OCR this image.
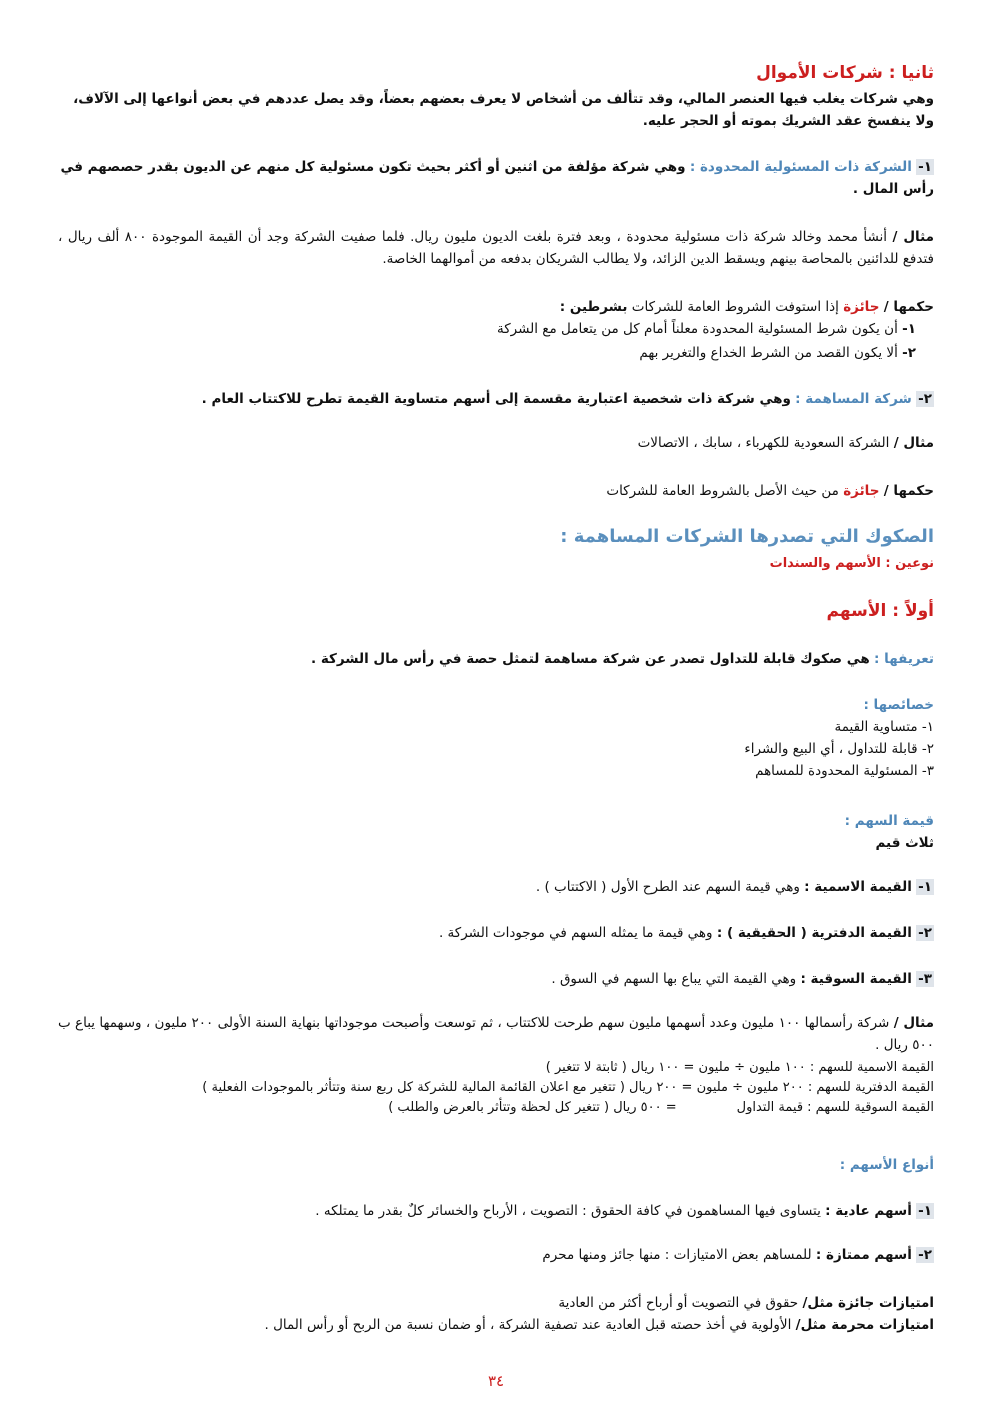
ثانيا : شركات الأموال
وهي شركات يغلب فيها العنصر المالي، وقد تتألف من أشخاص لا يعرف بعضهم بعضاً، وقد يصل عددهم في بعض أنواعها إلى الآلاف،
ولا ينفسخ عقد الشريك بموته أو الحجر عليه.
١- الشركة ذات المسئولية المحدودة : وهي شركة مؤلفة من اثنين أو أكثر بحيث تكون مسئولية كل منهم عن الديون بقدر حصصهم في رأس المال .
مثال / أنشأ محمد وخالد شركة ذات مسئولية محدودة ، وبعد فترة بلغت الديون مليون ريال. فلما صفيت الشركة وجد أن القيمة الموجودة ٨٠٠ ألف ريال ، فتدفع للدائنين بالمحاصة بينهم ويسقط الدين الزائد، ولا يطالب الشريكان بدفعه من أموالهما الخاصة.
حكمها / جائزة إذا استوفت الشروط العامة للشركات بشرطين :
١- أن يكون شرط المسئولية المحدودة معلناً أمام كل من يتعامل مع الشركة
٢- ألا يكون القصد من الشرط الخداع والتغرير بهم
٢- شركة المساهمة : وهي شركة ذات شخصية اعتبارية مقسمة إلى أسهم متساوية القيمة تطرح للاكتتاب العام .
مثال / الشركة السعودية للكهرباء ، سابك ، الاتصالات
حكمها / جائزة من حيث الأصل بالشروط العامة للشركات
الصكوك التي تصدرها الشركات المساهمة :
نوعين : الأسهم والسندات
أولاً : الأسهم
تعريفها : هي صكوك قابلة للتداول تصدر عن شركة مساهمة لتمثل حصة في رأس مال الشركة .
خصائصها :
١- متساوية القيمة
٢- قابلة للتداول ، أي البيع والشراء
٣- المسئولية المحدودة للمساهم
قيمة السهم :
ثلاث قيم
١- القيمة الاسمية : وهي قيمة السهم عند الطرح الأول ( الاكتتاب ) .
٢- القيمة الدفترية ( الحقيقية ) : وهي قيمة ما يمثله السهم في موجودات الشركة .
٣- القيمة السوقية : وهي القيمة التي يباع بها السهم في السوق .
مثال / شركة رأسمالها ١٠٠ مليون وعدد أسهمها مليون سهم طرحت للاكتتاب ، ثم توسعت وأصبحت موجوداتها بنهاية السنة الأولى ٢٠٠ مليون ، وسهمها يباع ب ٥٠٠ ريال .
القيمة الاسمية للسهم : ١٠٠ مليون ÷ مليون = ١٠٠ ريال ( ثابتة لا تتغير )
القيمة الدفترية للسهم : ٢٠٠ مليون ÷ مليون = ٢٠٠ ريال ( تتغير مع اعلان القائمة المالية للشركة كل ربع سنة وتتأثر بالموجودات الفعلية )
القيمة السوقية للسهم : قيمة التداول= ٥٠٠ ريال ( تتغير كل لحظة وتتأثر بالعرض والطلب )
أنواع الأسهم :
١- أسهم عادية : يتساوى فيها المساهمون في كافة الحقوق : التصويت ، الأرباح والخسائر كلٌ بقدر ما يمتلكه .
٢- أسهم ممتازة : للمساهم بعض الامتيازات : منها جائز ومنها محرم
امتيازات جائزة مثل/ حقوق في التصويت أو أرباح أكثر من العادية
امتيازات محرمة مثل/ الأولوية في أخذ حصته قبل العادية عند تصفية الشركة ، أو ضمان نسبة من الربح أو رأس المال .
٣٤
